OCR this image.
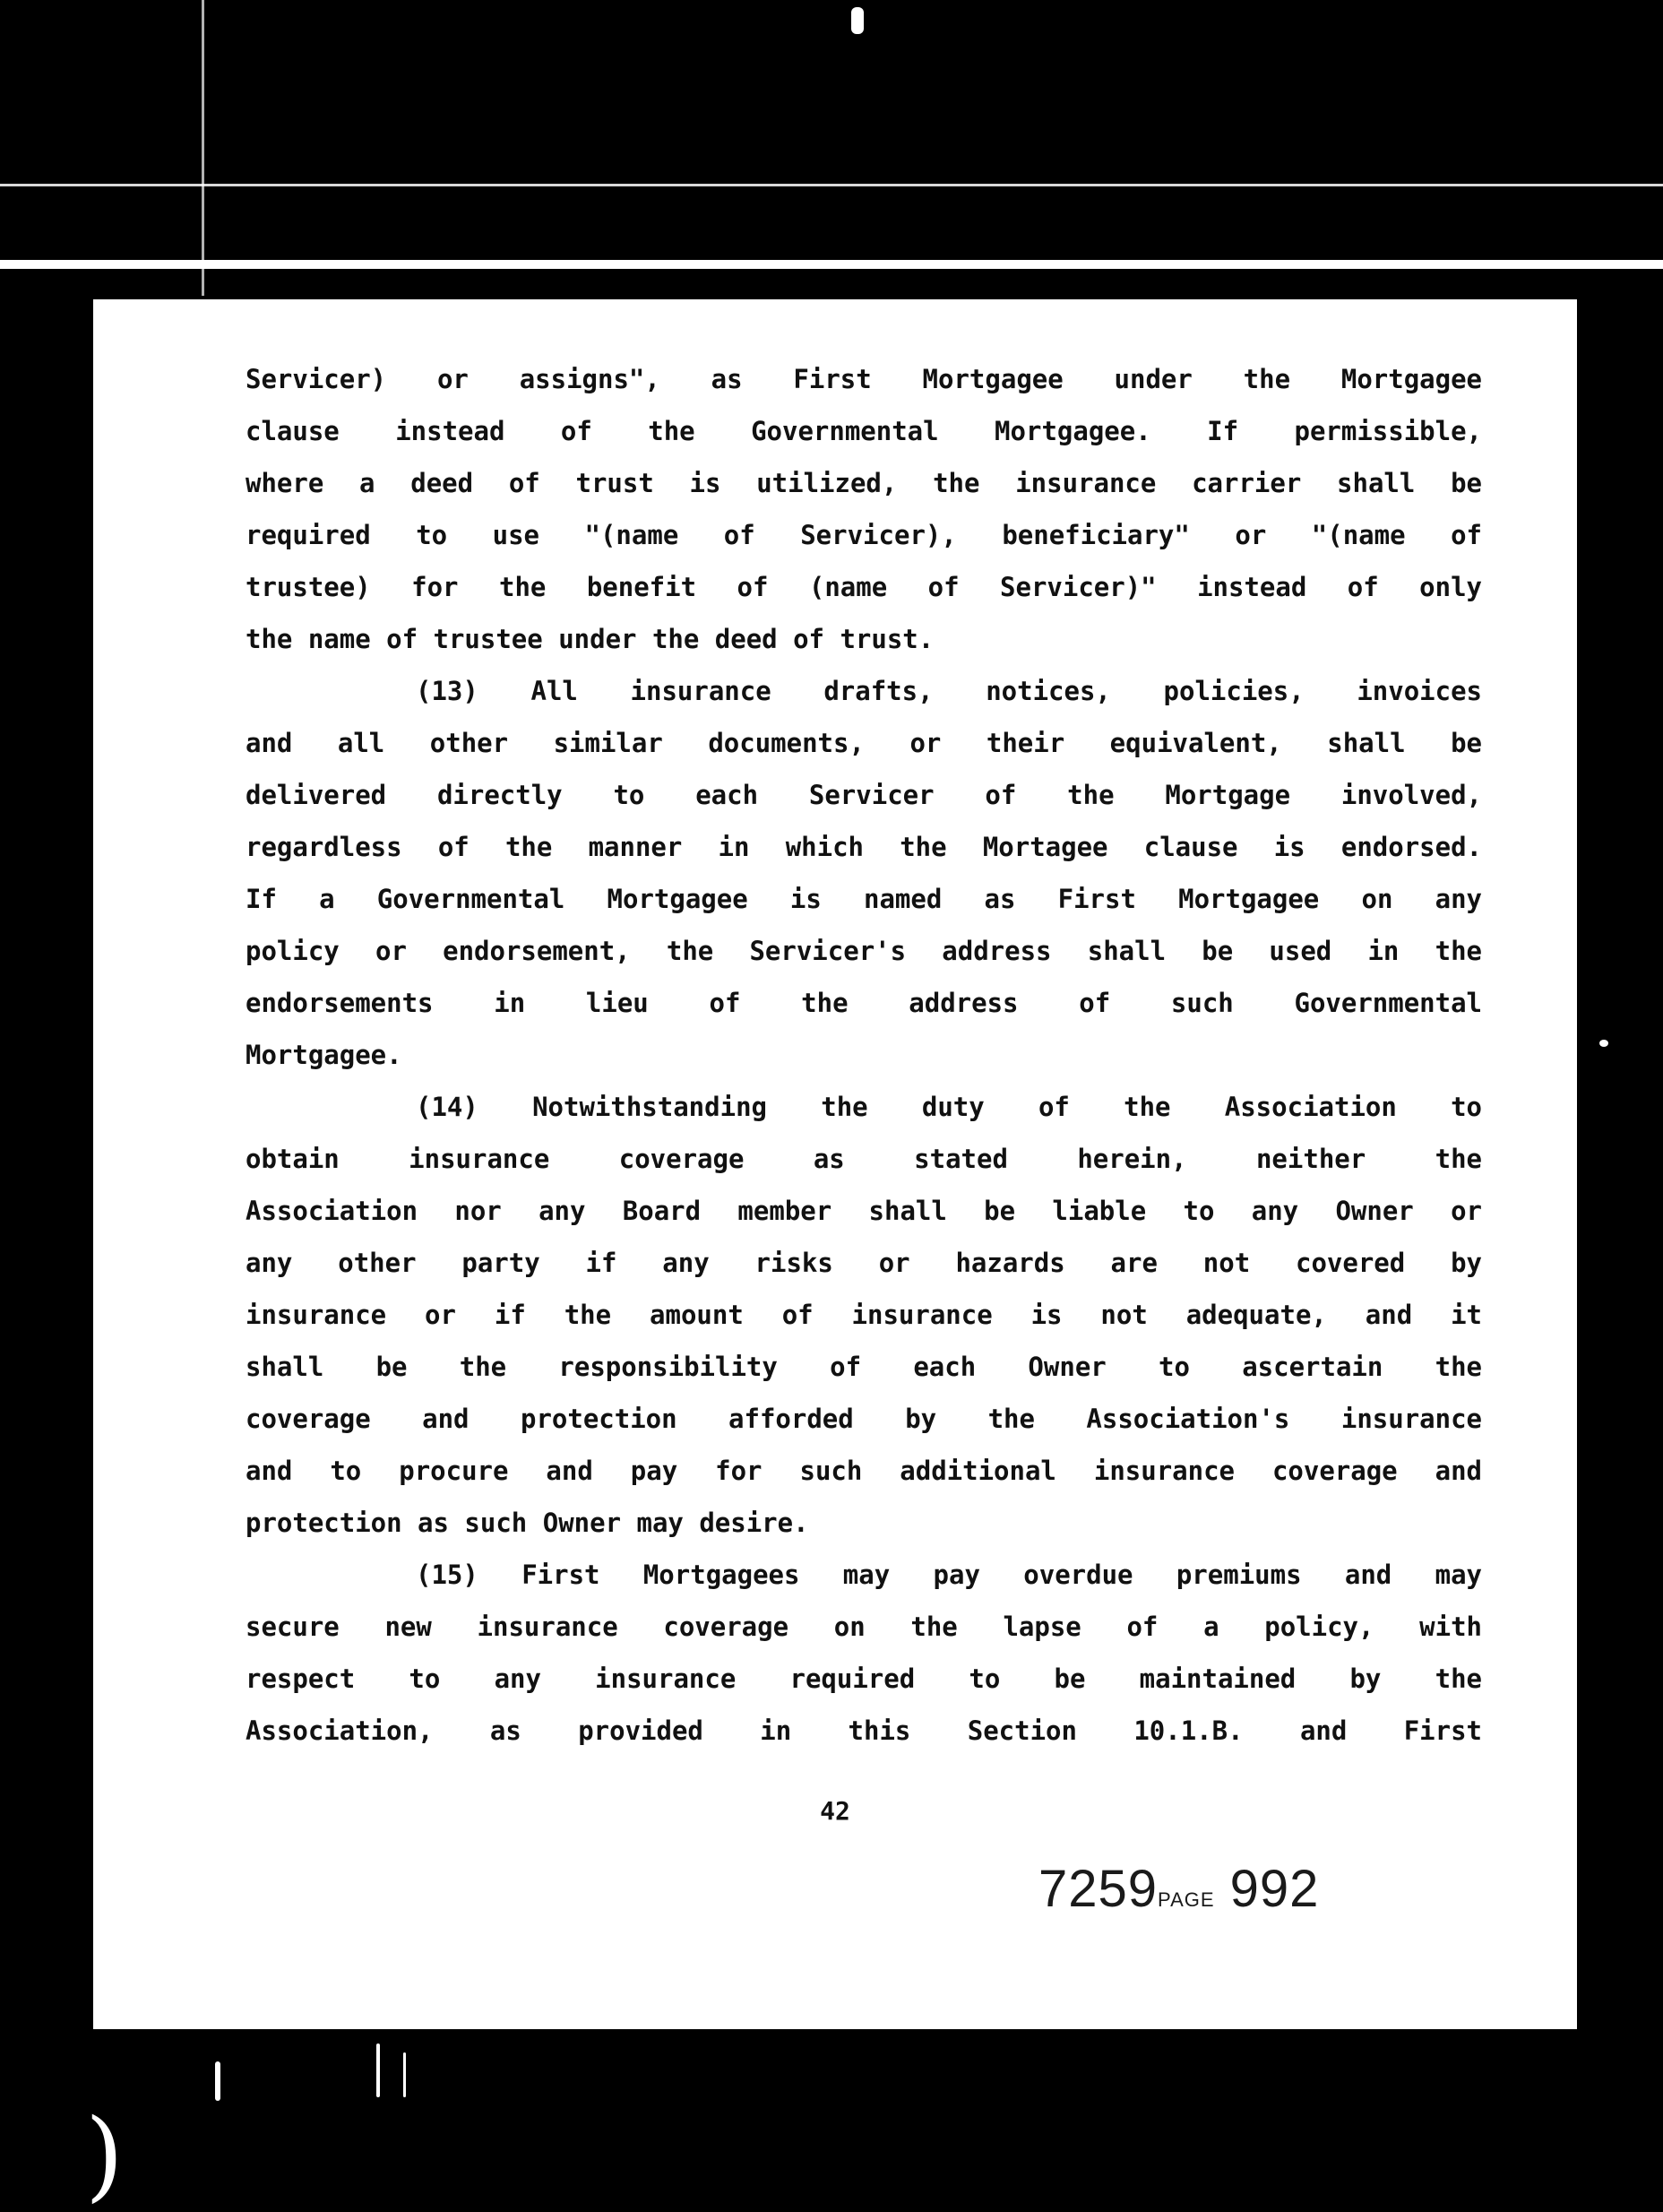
Servicer) or assigns", as First Mortgagee under the Mortgagee
clause instead of the Governmental Mortgagee. If permissible,
where a deed of trust is utilized, the insurance carrier shall be
required to use "(name of Servicer), beneficiary" or "(name of
trustee) for the benefit of (name of Servicer)" instead of only
the name of trustee under the deed of trust.
(13) All insurance drafts, notices, policies, invoices
and all other similar documents, or their equivalent, shall be
delivered directly to each Servicer of the Mortgage involved,
regardless of the manner in which the Mortagee clause is endorsed.
If a Governmental Mortgagee is named as First Mortgagee on any
policy or endorsement, the Servicer's address shall be used in the
endorsements in lieu of the address of such Governmental
Mortgagee.
(14) Notwithstanding the duty of the Association to
obtain insurance coverage as stated herein, neither the
Association nor any Board member shall be liable to any Owner or
any other party if any risks or hazards are not covered by
insurance or if the amount of insurance is not adequate, and it
shall be the responsibility of each Owner to ascertain the
coverage and protection afforded by the Association's insurance
and to procure and pay for such additional insurance coverage and
protection as such Owner may desire.
(15) First Mortgagees may pay overdue premiums and may
secure new insurance coverage on the lapse of a policy, with
respect to any insurance required to be maintained by the
Association, as provided in this Section 10.1.B. and First
42
7259PAGE 992
(
(
)
